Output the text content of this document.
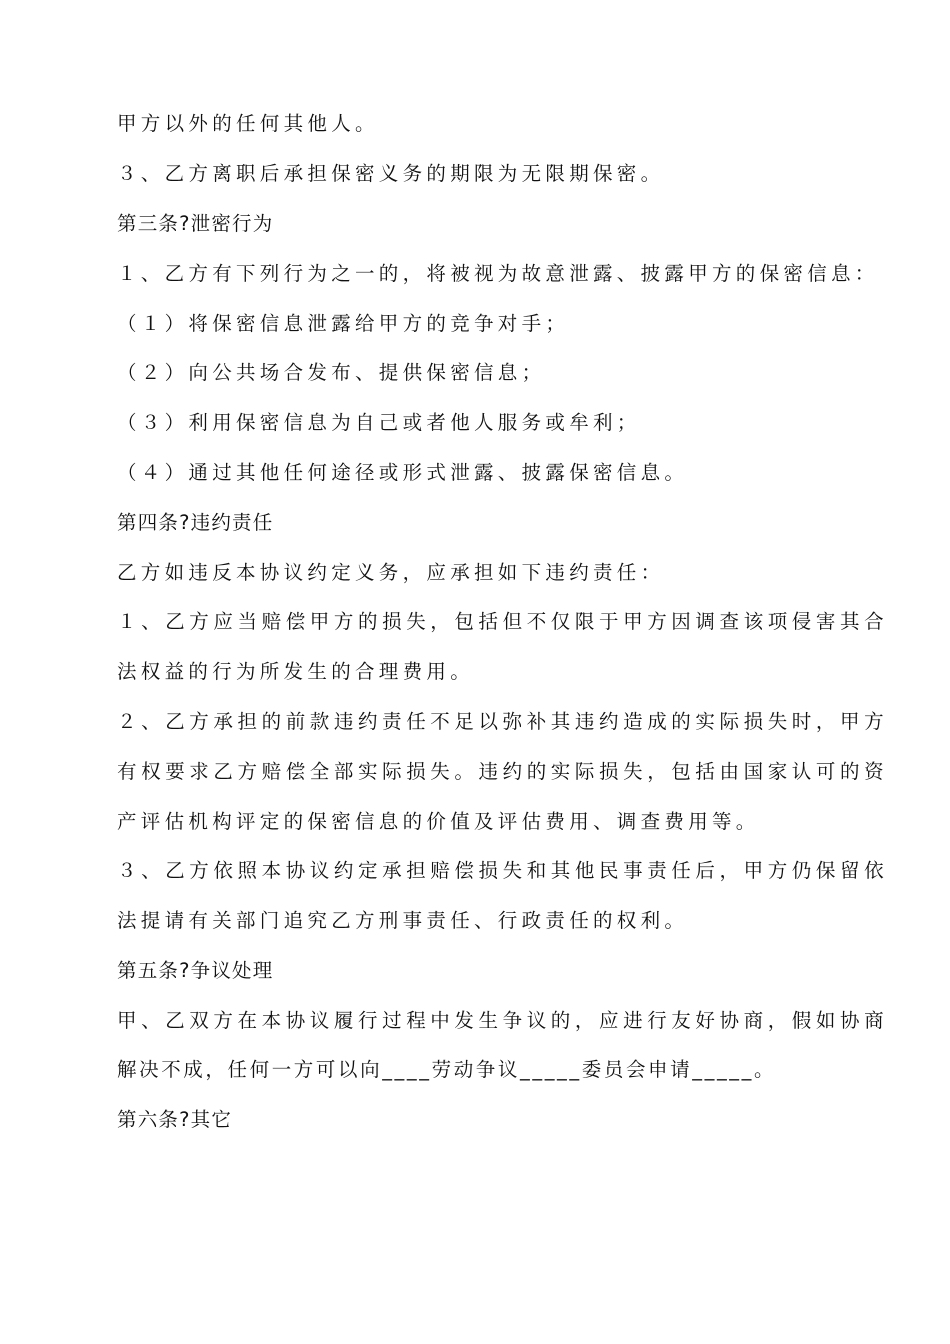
甲方以外的任何其他人。
３、乙方离职后承担保密义务的期限为无限期保密。
第三条?泄密行为
１、乙方有下列行为之一的，将被视为故意泄露、披露甲方的保密信息：
（１）将保密信息泄露给甲方的竞争对手；
（２）向公共场合发布、提供保密信息；
（３）利用保密信息为自己或者他人服务或牟利；
（４）通过其他任何途径或形式泄露、披露保密信息。
第四条?违约责任
乙方如违反本协议约定义务，应承担如下违约责任：
１、乙方应当赔偿甲方的损失，包括但不仅限于甲方因调查该项侵害其合
法权益的行为所发生的合理费用。
２、乙方承担的前款违约责任不足以弥补其违约造成的实际损失时，甲方
有权要求乙方赔偿全部实际损失。违约的实际损失，包括由国家认可的资
产评估机构评定的保密信息的价值及评估费用、调查费用等。
３、乙方依照本协议约定承担赔偿损失和其他民事责任后，甲方仍保留依
法提请有关部门追究乙方刑事责任、行政责任的权利。
第五条?争议处理
甲、乙双方在本协议履行过程中发生争议的，应进行友好协商，假如协商
解决不成，任何一方可以向____劳动争议_____委员会申请_____。
第六条?其它
